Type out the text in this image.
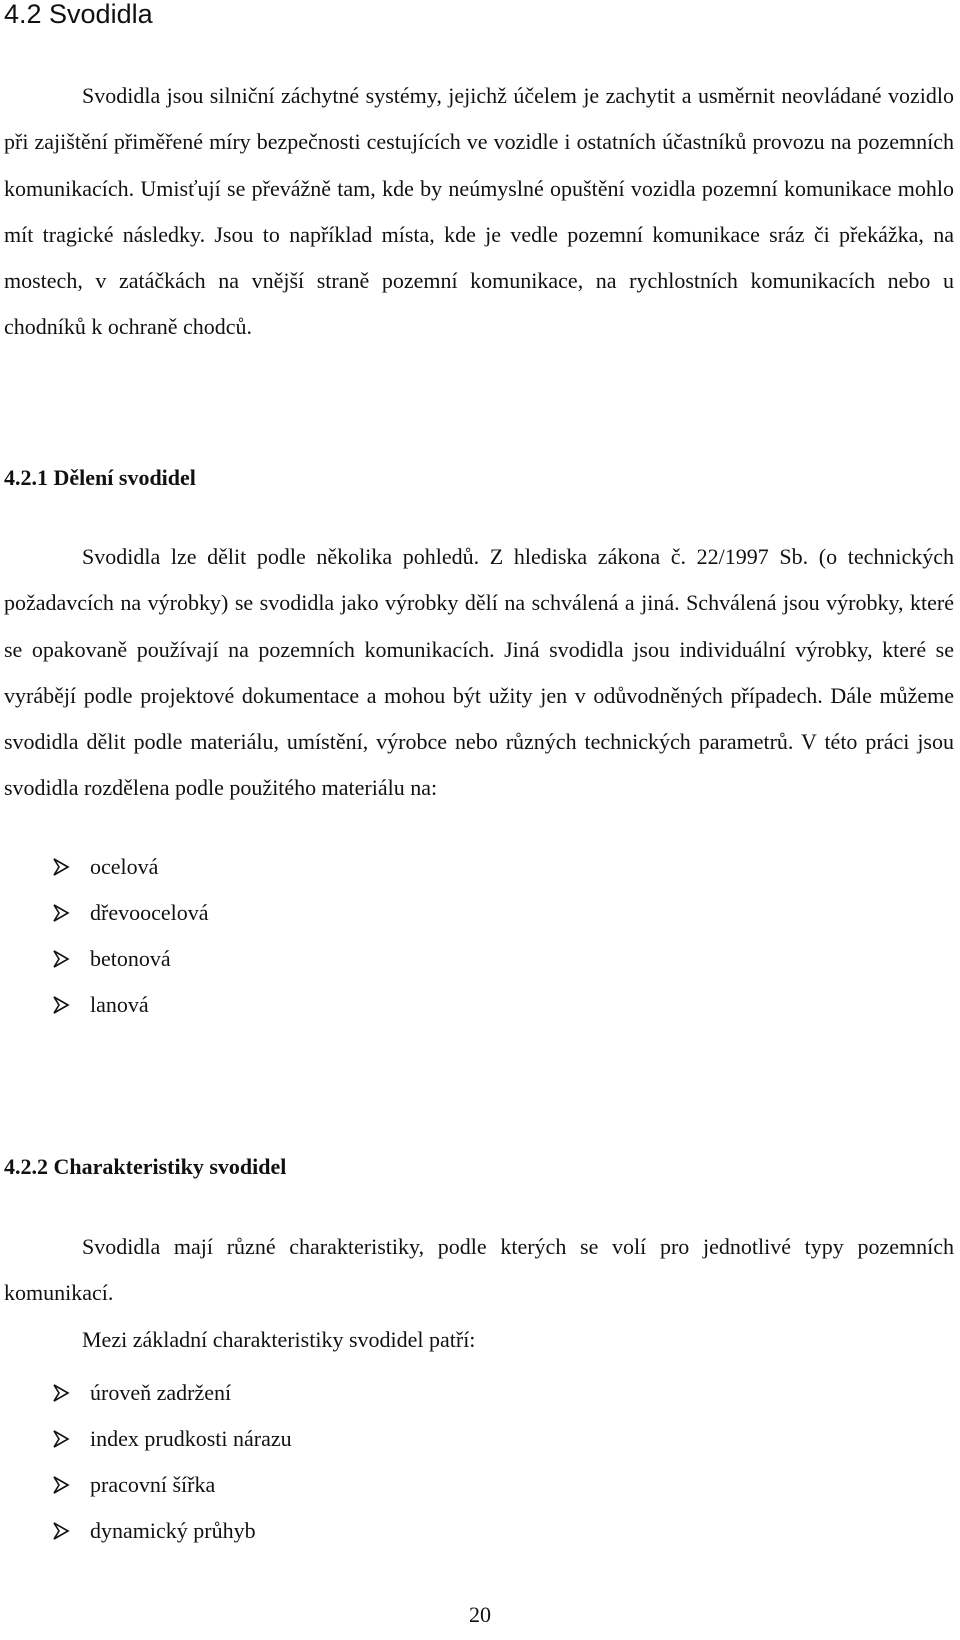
4.2 Svodidla

Svodidla jsou silniční záchytné systémy, jejichž účelem je zachytit a usměrnit neovládané vozidlo při zajištění přiměřené míry bezpečnosti cestujících ve vozidle i ostatních účastníků provozu na pozemních komunikacích. Umisťují se převážně tam, kde by neúmyslné opuštění vozidla pozemní komunikace mohlo mít tragické následky. Jsou to například místa, kde je vedle pozemní komunikace sráz či překážka, na mostech, v zatáčkách na vnější straně pozemní komunikace, na rychlostních komunikacích nebo u chodníků k ochraně chodců.

4.2.1 Dělení svodidel

Svodidla lze dělit podle několika pohledů. Z hlediska zákona č. 22/1997 Sb. (o technických požadavcích na výrobky) se svodidla jako výrobky dělí na schválená a jiná. Schválená jsou výrobky, které se opakovaně používají na pozemních komunikacích. Jiná svodidla jsou individuální výrobky, které se vyrábějí podle projektové dokumentace a mohou být užity jen v odůvodněných případech. Dále můžeme svodidla dělit podle materiálu, umístění, výrobce nebo různých technických parametrů. V této práci jsou svodidla rozdělena podle použitého materiálu na:

ocelová
dřevoocelová
betonová
lanová
4.2.2 Charakteristiky svodidel

Svodidla mají různé charakteristiky, podle kterých se volí pro jednotlivé typy pozemních komunikací.

Mezi základní charakteristiky svodidel patří:

úroveň zadržení
index prudkosti nárazu
pracovní šířka
dynamický průhyb
20
